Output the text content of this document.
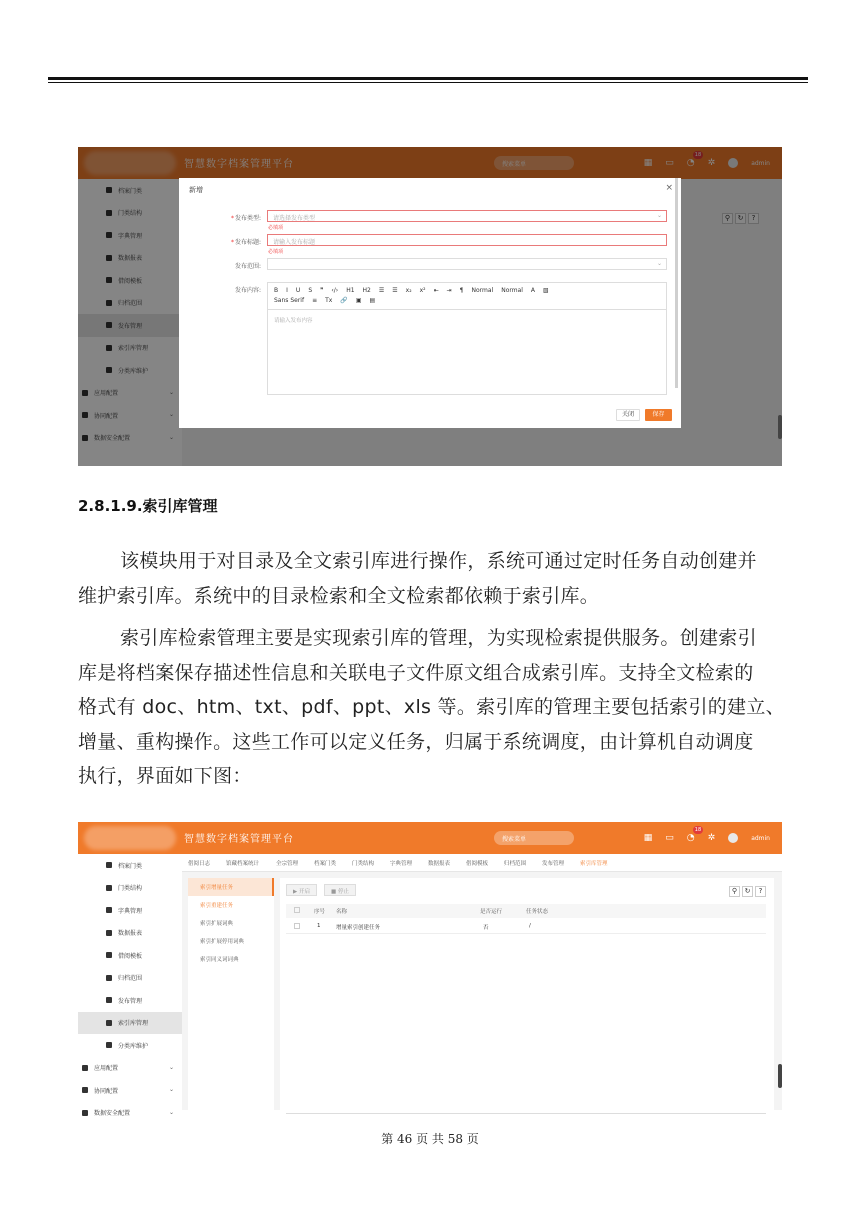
智慧数字档案管理平台	搜索菜单	▦ ▭ ◔
18
✲	admin
档案门类
门类结构
字典管理
数据报表
借阅模板
归档范围
发布管理
索引库管理
分类库维护
应用配置	⌄
协同配置	⌄
数据安全配置	⌄
⚲	↻	?
新增	×
*发布类型:	请选择发布类型	⌄
必填项
*发布标题:	请输入发布标题
必填项
发布范围:	⌄
发布内容: B I U S ❞ ‹/› H1 H2 ☰ ☰ x₂ x² ⇤ ⇥ ¶ Normal Normal A ▧
Sans Serif ≡ Tx 🔗 ▣ ▤
请输入发布内容
关闭	保存
2.8.1.9.索引库管理
该模块用于对目录及全文索引库进行操作，系统可通过定时任务自动创建并
维护索引库。系统中的目录检索和全文检索都依赖于索引库。
索引库检索管理主要是实现索引库的管理，为实现检索提供服务。创建索引
库是将档案保存描述性信息和关联电子文件原文组合成索引库。支持全文检索的
格式有 doc、htm、txt、pdf、ppt、xls 等。索引库的管理主要包括索引的建立、
增量、重构操作。这些工作可以定义任务，归属于系统调度，由计算机自动调度
执行，界面如下图：
智慧数字档案管理平台	搜索菜单	▦ ▭ ◔
18
✲	admin
档案门类
门类结构
字典管理
数据报表
借阅模板
归档范围
发布管理
索引库管理
分类库维护
应用配置	⌄
协同配置	⌄
数据安全配置	⌄
借阅日志	馆藏档案统计	全宗管理	档案门类	门类结构	字典管理	数据报表	借阅模板	归档范围	发布管理	索引库管理
索引增量任务
索引重建任务
索引扩展词典
索引扩展停用词典
索引同义词词典
▶ 开启	■ 停止	⚲	↻	?
序号 名称	是否运行	任务状态
1	增量索引创建任务	否	/
第 46 页 共 58 页
